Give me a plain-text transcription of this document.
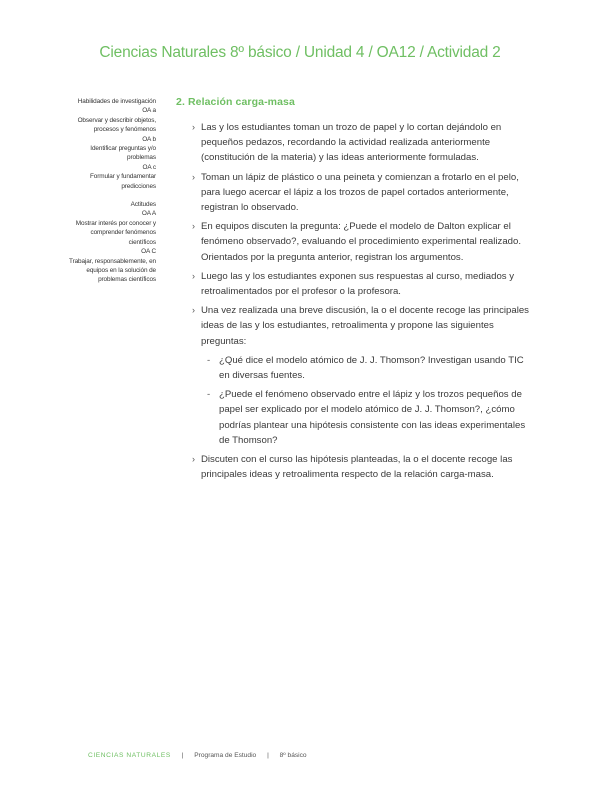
Ciencias Naturales 8º básico / Unidad 4 / OA12 / Actividad 2
Habilidades de investigación
OA a
Observar y describir objetos, procesos y fenómenos
OA b
Identificar preguntas y/o problemas
OA c
Formular y fundamentar predicciones
Actitudes
OA A
Mostrar interés por conocer y comprender fenómenos científicos
OA C
Trabajar, responsablemente, en equipos en la solución de problemas científicos
2. Relación carga-masa
› Las y los estudiantes toman un trozo de papel y lo cortan dejándolo en pequeños pedazos, recordando la actividad realizada anteriormente (constitución de la materia) y las ideas anteriormente formuladas.
› Toman un lápiz de plástico o una peineta y comienzan a frotarlo en el pelo, para luego acercar el lápiz a los trozos de papel cortados anteriormente, registran lo observado.
› En equipos discuten la pregunta: ¿Puede el modelo de Dalton explicar el fenómeno observado?, evaluando el procedimiento experimental realizado. Orientados por la pregunta anterior, registran los argumentos.
› Luego las y los estudiantes exponen sus respuestas al curso, mediados y retroalimentados por el profesor o la profesora.
› Una vez realizada una breve discusión, la o el docente recoge las principales ideas de las y los estudiantes, retroalimenta y propone las siguientes preguntas:
- ¿Qué dice el modelo atómico de J. J. Thomson? Investigan usando TIC en diversas fuentes.
- ¿Puede el fenómeno observado entre el lápiz y los trozos pequeños de papel ser explicado por el modelo atómico de J. J. Thomson?, ¿cómo podrías plantear una hipótesis consistente con las ideas experimentales de Thomson?
› Discuten con el curso las hipótesis planteadas, la o el docente recoge las principales ideas y retroalimenta respecto de la relación carga-masa.
CIENCIAS NATURALES | Programa de Estudio | 8º básico
